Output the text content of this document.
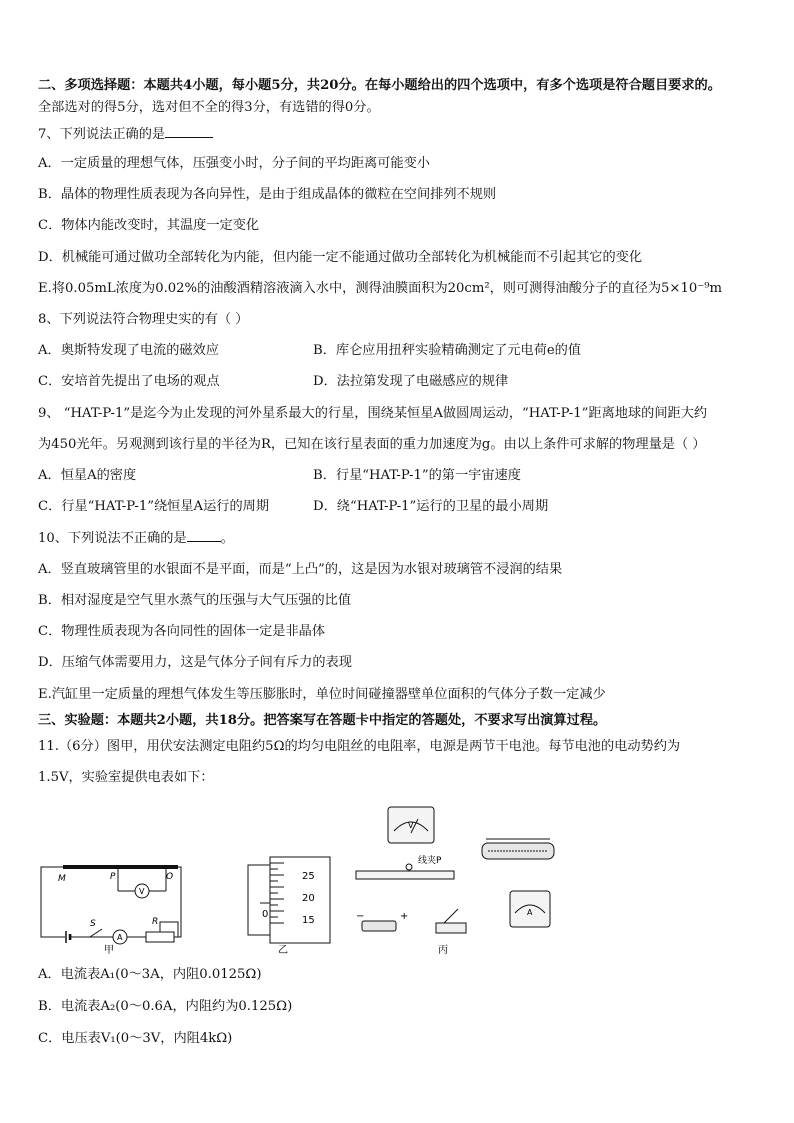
二、多项选择题：本题共4小题，每小题5分，共20分。在每小题给出的四个选项中，有多个选项是符合题目要求的。
全部选对的得5分，选对但不全的得3分，有选错的得0分。
7、下列说法正确的是
A．一定质量的理想气体，压强变小时，分子间的平均距离可能变小
B．晶体的物理性质表现为各向异性，是由于组成晶体的微粒在空间排列不规则
C．物体内能改变时，其温度一定变化
D．机械能可通过做功全部转化为内能，但内能一定不能通过做功全部转化为机械能而不引起其它的变化
E.将0.05mL浓度为0.02%的油酸酒精溶液滴入水中，测得油膜面积为20cm²，则可测得油酸分子的直径为5×10⁻⁹m
8、下列说法符合物理史实的有（ ）
A．奥斯特发现了电流的磁效应	B．库仑应用扭秤实验精确测定了元电荷e的值
C．安培首先提出了电场的观点	D．法拉第发现了电磁感应的规律
9、 “HAT-P-1”是迄今为止发现的河外星系最大的行星，围绕某恒星A做圆周运动，“HAT-P-1”距离地球的间距大约
为450光年。另观测到该行星的半径为R，已知在该行星表面的重力加速度为g。由以上条件可求解的物理量是（ ）
A．恒星A的密度	B．行星“HAT-P-1”的第一宇宙速度
C．行星“HAT-P-1”绕恒星A运行的周期	D．绕“HAT-P-1”运行的卫星的最小周期
10、下列说法不正确的是	。
A．竖直玻璃管里的水银面不是平面，而是“上凸”的，这是因为水银对玻璃管不浸润的结果
B．相对湿度是空气里水蒸气的压强与大气压强的比值
C．物理性质表现为各向同性的固体一定是非晶体
D．压缩气体需要用力，这是气体分子间有斥力的表现
E.汽缸里一定质量的理想气体发生等压膨胀时，单位时间碰撞器壁单位面积的气体分子数一定减少
三、实验题：本题共2小题，共18分。把答案写在答题卡中指定的答题处，不要求写出演算过程。
11.（6分）图甲，用伏安法测定电阻约5Ω的均匀电阻丝的电阻率，电源是两节干电池。每节电池的电动势约为
1.5V，实验室提供电表如下：
M	P	O
V
S
A
R
甲
25
20
15
0
乙
V
A
线夹P
−	+
丙
A．电流表A₁(0～3A，内阻0.0125Ω)
B．电流表A₂(0～0.6A，内阻约为0.125Ω)
C．电压表V₁(0～3V，内阻4kΩ)
